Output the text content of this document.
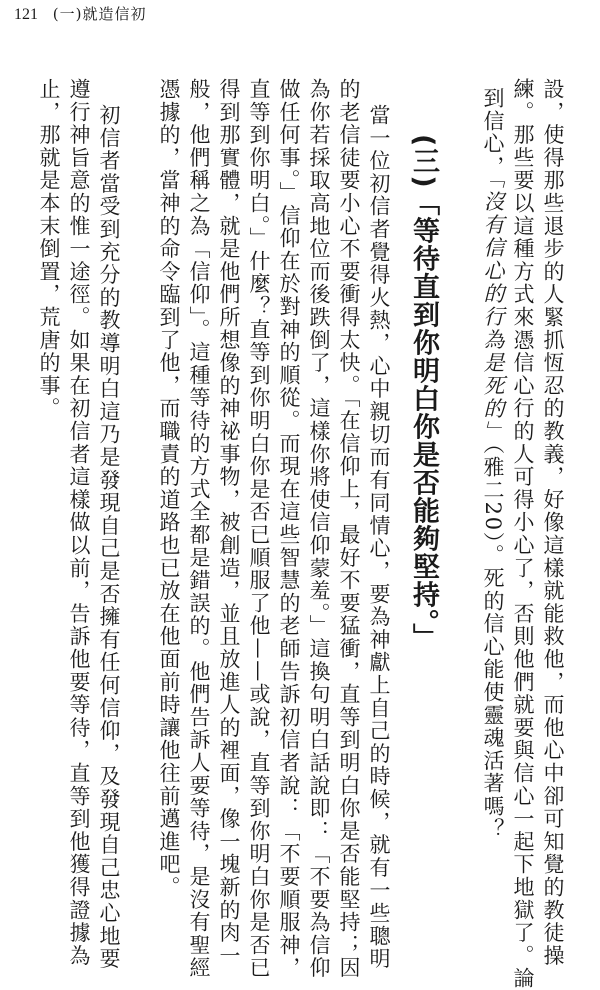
121 (一)就造信初
設，使得那些退步的人緊抓恆忍的教義，好像這樣就能救他，而他心中卻可知覺的教徒操
練。那些要以這種方式來憑信心行的人可得小心了，否則他們就要與信心一起下地獄了。論
到信心，「沒有信心的行為是死的」（雅二20）。死的信心能使靈魂活著嗎？
(三)「等待直到你明白你是否能夠堅持。」
當一位初信者覺得火熱，心中親切而有同情心，要為神獻上自己的時候，就有一些聰明
的老信徒要小心不要衝得太快。「在信仰上，最好不要猛衝，直等到明白你是否能堅持；因
為你若採取高地位而後跌倒了，這樣你將使信仰蒙羞。」這換句明白話說即：「不要為信仰
做任何事。」信仰在於對神的順從。而現在這些智慧的老師告訴初信者說：「不要順服神，
直等到你明白。」什麼？直等到你明白你是否已順服了他——或說，直等到你明白你是否已
得到那實體，就是他們所想像的神祕事物，被創造，並且放進人的裡面，像一塊新的肉一
般，他們稱之為「信仰」。這種等待的方式全都是錯誤的。他們告訴人要等待，是沒有聖經
憑據的，當神的命令臨到了他，而職責的道路也已放在他面前時讓他往前邁進吧。
初信者當受到充分的教導明白這乃是發現自己是否擁有任何信仰，及發現自己忠心地要
遵行神旨意的惟一途徑。如果在初信者這樣做以前，告訴他要等待，直等到他獲得證據為
止，那就是本末倒置，荒唐的事。
